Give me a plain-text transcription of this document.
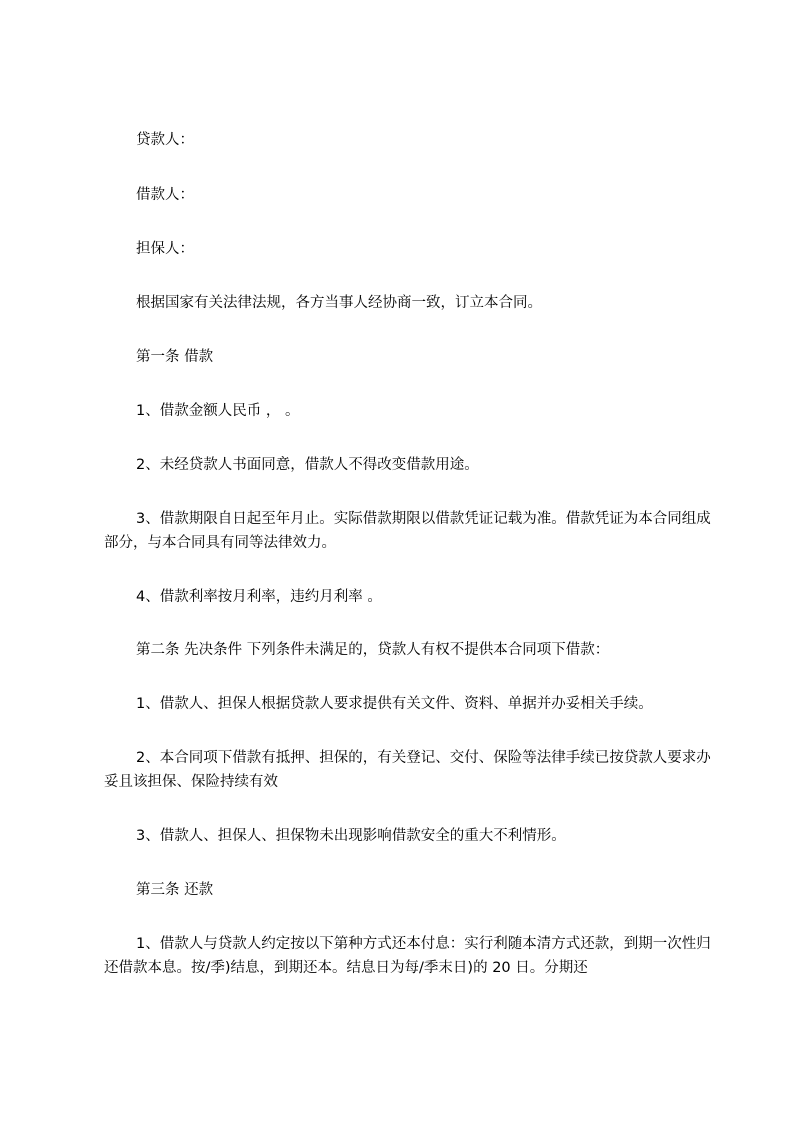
贷款人：

借款人：

担保人：

根据国家有关法律法规，各方当事人经协商一致，订立本合同。

第一条 借款

1、借款金额人民币 ， 。

2、未经贷款人书面同意，借款人不得改变借款用途。

3、借款期限自日起至年月止。实际借款期限以借款凭证记载为准。借款凭证为本合同组成部分，与本合同具有同等法律效力。

4、借款利率按月利率，违约月利率 。

第二条 先决条件 下列条件未满足的，贷款人有权不提供本合同项下借款：

1、借款人、担保人根据贷款人要求提供有关文件、资料、单据并办妥相关手续。

2、本合同项下借款有抵押、担保的，有关登记、交付、保险等法律手续已按贷款人要求办妥且该担保、保险持续有效

3、借款人、担保人、担保物未出现影响借款安全的重大不利情形。

第三条 还款

1、借款人与贷款人约定按以下第种方式还本付息：实行利随本清方式还款，到期一次性归还借款本息。按/季)结息，到期还本。结息日为每/季末日)的 20 日。分期还
